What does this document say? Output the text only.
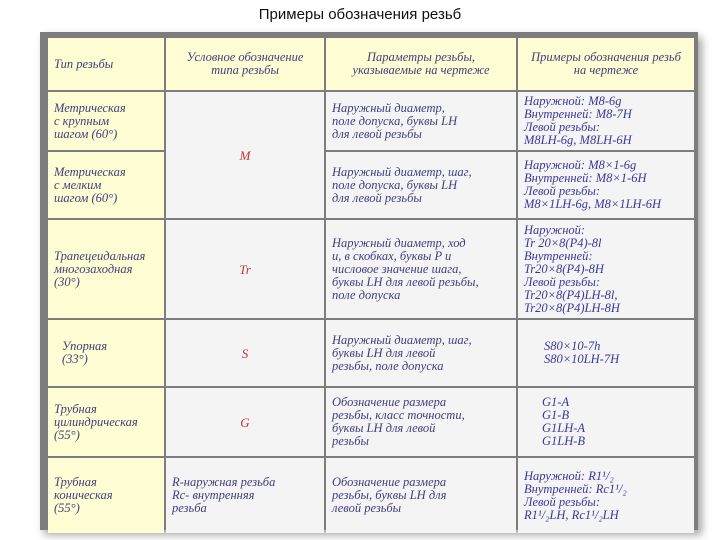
Примеры обозначения резьб
Тип резьбы	Условное обозначение типа резьбы
Параметры резьбы, указываемые на чертеже
Примеры обозначения резьб на чертеже
Метрическая
с крупным
шагом (60°)
M
Наружный диаметр,
поле допуска, буквы LH
для левой резьбы
Наружной: M8-6g
Внутренней: M8-7H
Левой резьбы:
M8LH-6g, M8LH-6H
Метрическая
с мелким
шагом (60°)
Наружный диаметр, шаг,
поле допуска, буквы LH
для левой резьбы
Наружной: M8×1-6g
Внутренней: M8×1-6H
Левой резьбы:
M8×1LH-6g, M8×1LH-6H
Трапецеидальная
многозаходная
(30°)
Tr
Наружный диаметр, ход
и, в скобках, буквы P и
числовое значение шага,
буквы LH для левой резьбы,
поле допуска
Наружной:
Tr 20×8(P4)-8l
Внутренней:
Tr20×8(P4)-8H
Левой резьбы:
Tr20×8(P4)LH-8l,
Tr20×8(P4)LH-8H
Упорная
(33°)	S
Наружный диаметр, шаг,
буквы LH для левой
резьбы, поле допуска
S80×10-7h
S80×10LH-7H
Трубная
цилиндрическая
(55°)
G
Обозначение размера
резьбы, класс точности,
буквы LH для левой
резьбы
G1-A
G1-B
G1LH-A
G1LH-B
Трубная
коническая
(55°)
R-наружная резьба
Rc- внутренняя
резьба
Обозначение размера
резьбы, буквы LH для
левой резьбы
Наружной: R1¹/₂
Внутренней: Rc1¹/₂
Левой резьбы:
R1¹/₂LH, Rc1¹/₂LH
